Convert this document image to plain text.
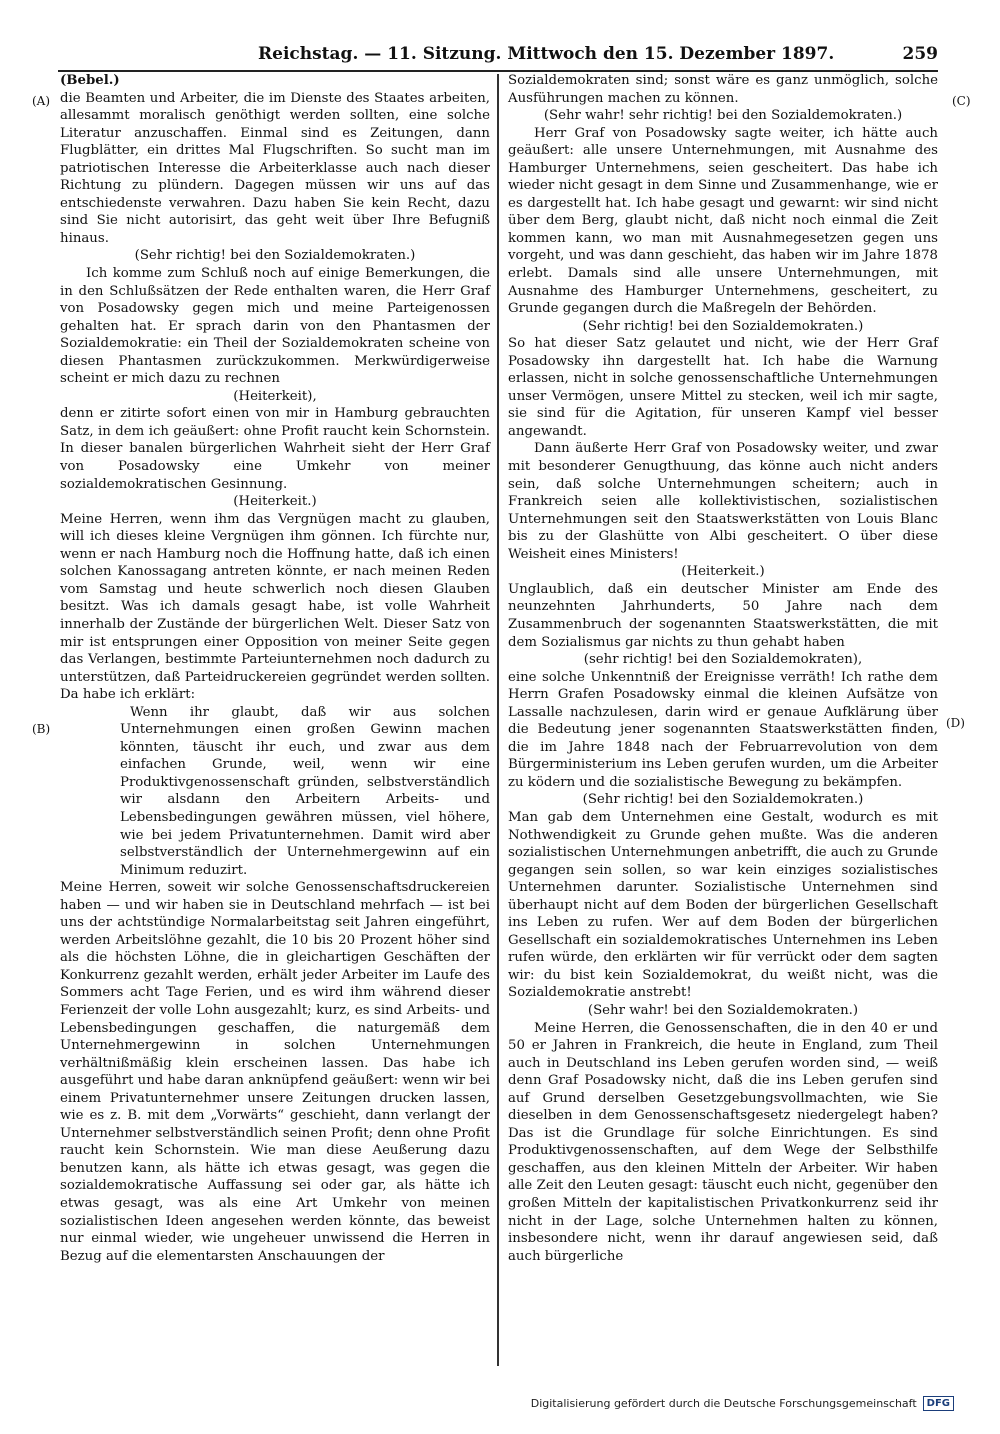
Reichstag. — 11. Sitzung. Mittwoch den 15. Dezember 1897.	259
(A)
(B)
(C)
(D)

(Bebel.)

die Beamten und Arbeiter, die im Dienste des Staates arbeiten, allesammt moralisch genöthigt werden sollten, eine solche Literatur anzuschaffen. Einmal sind es Zeitungen, dann Flugblätter, ein drittes Mal Flugschriften. So sucht man im patriotischen Interesse die Arbeiterklasse auch nach dieser Richtung zu plündern. Dagegen müssen wir uns auf das entschiedenste verwahren. Dazu haben Sie kein Recht, dazu sind Sie nicht autorisirt, das geht weit über Ihre Befugniß hinaus.

(Sehr richtig! bei den Sozialdemokraten.)

Ich komme zum Schluß noch auf einige Bemerkungen, die in den Schlußsätzen der Rede enthalten waren, die Herr Graf von Posadowsky gegen mich und meine Parteigenossen gehalten hat. Er sprach darin von den Phantasmen der Sozialdemokratie: ein Theil der Sozialdemokraten scheine von diesen Phantasmen zurückzukommen. Merkwürdigerweise scheint er mich dazu zu rechnen

(Heiterkeit),

denn er zitirte sofort einen von mir in Hamburg gebrauchten Satz, in dem ich geäußert: ohne Profit raucht kein Schornstein. In dieser banalen bürgerlichen Wahrheit sieht der Herr Graf von Posadowsky eine Umkehr von meiner sozialdemokratischen Gesinnung.

(Heiterkeit.)

Meine Herren, wenn ihm das Vergnügen macht zu glauben, will ich dieses kleine Vergnügen ihm gönnen. Ich fürchte nur, wenn er nach Hamburg noch die Hoffnung hatte, daß ich einen solchen Kanossagang antreten könnte, er nach meinen Reden vom Samstag und heute schwerlich noch diesen Glauben besitzt. Was ich damals gesagt habe, ist volle Wahrheit innerhalb der Zustände der bürgerlichen Welt. Dieser Satz von mir ist entsprungen einer Opposition von meiner Seite gegen das Verlangen, bestimmte Parteiunternehmen noch dadurch zu unterstützen, daß Parteidruckereien gegründet werden sollten. Da habe ich erklärt:

Wenn ihr glaubt, daß wir aus solchen Unternehmungen einen großen Gewinn machen könnten, täuscht ihr euch, und zwar aus dem einfachen Grunde, weil, wenn wir eine Produktivgenossenschaft gründen, selbstverständlich wir alsdann den Arbeitern Arbeits- und Lebensbedingungen gewähren müssen, viel höhere, wie bei jedem Privatunternehmen. Damit wird aber selbstverständlich der Unternehmergewinn auf ein Minimum reduzirt.

Meine Herren, soweit wir solche Genossenschaftsdruckereien haben — und wir haben sie in Deutschland mehrfach — ist bei uns der achtstündige Normalarbeitstag seit Jahren eingeführt, werden Arbeitslöhne gezahlt, die 10 bis 20 Prozent höher sind als die höchsten Löhne, die in gleichartigen Geschäften der Konkurrenz gezahlt werden, erhält jeder Arbeiter im Laufe des Sommers acht Tage Ferien, und es wird ihm während dieser Ferienzeit der volle Lohn ausgezahlt; kurz, es sind Arbeits- und Lebensbedingungen geschaffen, die naturgemäß dem Unternehmergewinn in solchen Unternehmungen verhältnißmäßig klein erscheinen lassen. Das habe ich ausgeführt und habe daran anknüpfend geäußert: wenn wir bei einem Privatunternehmer unsere Zeitungen drucken lassen, wie es z. B. mit dem „Vorwärts“ geschieht, dann verlangt der Unternehmer selbstverständlich seinen Profit; denn ohne Profit raucht kein Schornstein. Wie man diese Aeußerung dazu benutzen kann, als hätte ich etwas gesagt, was gegen die sozialdemokratische Auffassung sei oder gar, als hätte ich etwas gesagt, was als eine Art Umkehr von meinen sozialistischen Ideen angesehen werden könnte, das beweist nur einmal wieder, wie ungeheuer unwissend die Herren in Bezug auf die elementarsten Anschauungen der

Sozialdemokraten sind; sonst wäre es ganz unmöglich, solche Ausführungen machen zu können.

(Sehr wahr! sehr richtig! bei den Sozialdemokraten.)

Herr Graf von Posadowsky sagte weiter, ich hätte auch geäußert: alle unsere Unternehmungen, mit Ausnahme des Hamburger Unternehmens, seien gescheitert. Das habe ich wieder nicht gesagt in dem Sinne und Zusammenhange, wie er es dargestellt hat. Ich habe gesagt und gewarnt: wir sind nicht über dem Berg, glaubt nicht, daß nicht noch einmal die Zeit kommen kann, wo man mit Ausnahmegesetzen gegen uns vorgeht, und was dann geschieht, das haben wir im Jahre 1878 erlebt. Damals sind alle unsere Unternehmungen, mit Ausnahme des Hamburger Unternehmens, gescheitert, zu Grunde gegangen durch die Maßregeln der Behörden.

(Sehr richtig! bei den Sozialdemokraten.)

So hat dieser Satz gelautet und nicht, wie der Herr Graf Posadowsky ihn dargestellt hat. Ich habe die Warnung erlassen, nicht in solche genossenschaftliche Unternehmungen unser Vermögen, unsere Mittel zu stecken, weil ich mir sagte, sie sind für die Agitation, für unseren Kampf viel besser angewandt.

Dann äußerte Herr Graf von Posadowsky weiter, und zwar mit besonderer Genugthuung, das könne auch nicht anders sein, daß solche Unternehmungen scheitern; auch in Frankreich seien alle kollektivistischen, sozialistischen Unternehmungen seit den Staatswerkstätten von Louis Blanc bis zu der Glashütte von Albi gescheitert. O über diese Weisheit eines Ministers!

(Heiterkeit.)

Unglaublich, daß ein deutscher Minister am Ende des neunzehnten Jahrhunderts, 50 Jahre nach dem Zusammenbruch der sogenannten Staatswerkstätten, die mit dem Sozialismus gar nichts zu thun gehabt haben

(sehr richtig! bei den Sozialdemokraten),

eine solche Unkenntniß der Ereignisse verräth! Ich rathe dem Herrn Grafen Posadowsky einmal die kleinen Aufsätze von Lassalle nachzulesen, darin wird er genaue Aufklärung über die Bedeutung jener sogenannten Staatswerkstätten finden, die im Jahre 1848 nach der Februarrevolution von dem Bürgerministerium ins Leben gerufen wurden, um die Arbeiter zu ködern und die sozialistische Bewegung zu bekämpfen.

(Sehr richtig! bei den Sozialdemokraten.)

Man gab dem Unternehmen eine Gestalt, wodurch es mit Nothwendigkeit zu Grunde gehen mußte. Was die anderen sozialistischen Unternehmungen anbetrifft, die auch zu Grunde gegangen sein sollen, so war kein einziges sozialistisches Unternehmen darunter. Sozialistische Unternehmen sind überhaupt nicht auf dem Boden der bürgerlichen Gesellschaft ins Leben zu rufen. Wer auf dem Boden der bürgerlichen Gesellschaft ein sozialdemokratisches Unternehmen ins Leben rufen würde, den erklärten wir für verrückt oder dem sagten wir: du bist kein Sozialdemokrat, du weißt nicht, was die Sozialdemokratie anstrebt!

(Sehr wahr! bei den Sozialdemokraten.)

Meine Herren, die Genossenschaften, die in den 40 er und 50 er Jahren in Frankreich, die heute in England, zum Theil auch in Deutschland ins Leben gerufen worden sind, — weiß denn Graf Posadowsky nicht, daß die ins Leben gerufen sind auf Grund derselben Gesetzgebungsvollmachten, wie Sie dieselben in dem Genossenschaftsgesetz niedergelegt haben? Das ist die Grundlage für solche Einrichtungen. Es sind Produktivgenossenschaften, auf dem Wege der Selbsthilfe geschaffen, aus den kleinen Mitteln der Arbeiter. Wir haben alle Zeit den Leuten gesagt: täuscht euch nicht, gegenüber den großen Mitteln der kapitalistischen Privatkonkurrenz seid ihr nicht in der Lage, solche Unternehmen halten zu können, insbesondere nicht, wenn ihr darauf angewiesen seid, daß auch bürgerliche

Digitalisierung gefördert durch die Deutsche Forschungsgemeinschaft	DFG
